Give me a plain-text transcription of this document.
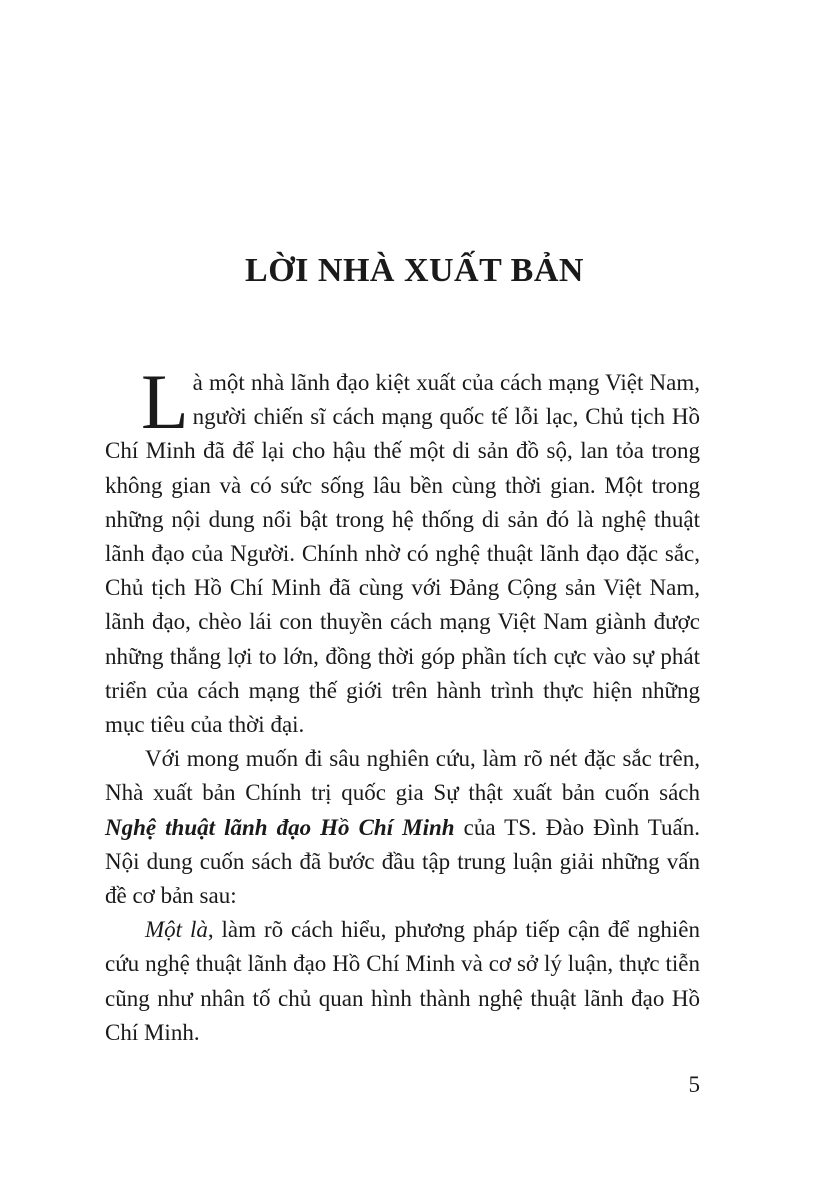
LỜI NHÀ XUẤT BẢN

Là một nhà lãnh đạo kiệt xuất của cách mạng Việt Nam, người chiến sĩ cách mạng quốc tế lỗi lạc, Chủ tịch Hồ Chí Minh đã để lại cho hậu thế một di sản đồ sộ, lan tỏa trong không gian và có sức sống lâu bền cùng thời gian. Một trong những nội dung nổi bật trong hệ thống di sản đó là nghệ thuật lãnh đạo của Người. Chính nhờ có nghệ thuật lãnh đạo đặc sắc, Chủ tịch Hồ Chí Minh đã cùng với Đảng Cộng sản Việt Nam, lãnh đạo, chèo lái con thuyền cách mạng Việt Nam giành được những thắng lợi to lớn, đồng thời góp phần tích cực vào sự phát triển của cách mạng thế giới trên hành trình thực hiện những mục tiêu của thời đại.

Với mong muốn đi sâu nghiên cứu, làm rõ nét đặc sắc trên, Nhà xuất bản Chính trị quốc gia Sự thật xuất bản cuốn sách Nghệ thuật lãnh đạo Hồ Chí Minh của TS. Đào Đình Tuấn. Nội dung cuốn sách đã bước đầu tập trung luận giải những vấn đề cơ bản sau:

Một là, làm rõ cách hiểu, phương pháp tiếp cận để nghiên cứu nghệ thuật lãnh đạo Hồ Chí Minh và cơ sở lý luận, thực tiễn cũng như nhân tố chủ quan hình thành nghệ thuật lãnh đạo Hồ Chí Minh.

5
